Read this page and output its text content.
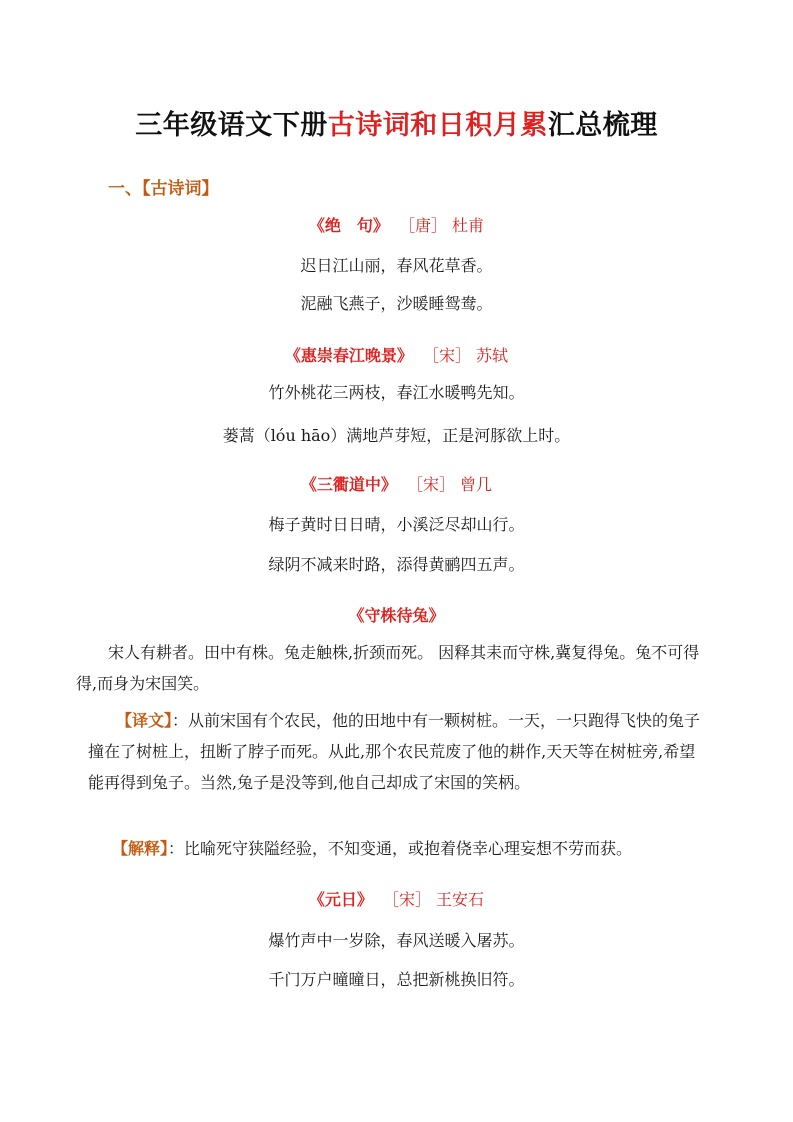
三年级语文下册古诗词和日积月累汇总梳理
一、【古诗词】
《绝　句》 ［唐］ 杜甫
迟日江山丽，春风花草香。
泥融飞燕子，沙暖睡鸳鸯。
《惠崇春江晚景》 ［宋］ 苏轼
竹外桃花三两枝，春江水暖鸭先知。
蒌蒿（lóu hāo）满地芦芽短，正是河豚欲上时。
《三衢道中》 ［宋］ 曾几
梅子黄时日日晴，小溪泛尽却山行。
绿阴不减来时路，添得黄鹂四五声。
《守株待兔》
宋人有耕者。田中有株。兔走触株,折颈而死。 因释其耒而守株,冀复得兔。兔不可得得,而身为宋国笑。
【译文】：从前宋国有个农民，他的田地中有一颗树桩。一天，一只跑得飞快的兔子撞在了树桩上，扭断了脖子而死。从此,那个农民荒废了他的耕作,天天等在树桩旁,希望能再得到兔子。当然,兔子是没等到,他自己却成了宋国的笑柄。
【解释】：比喻死守狭隘经验，不知变通，或抱着侥幸心理妄想不劳而获。
《元日》 ［宋］ 王安石
爆竹声中一岁除，春风送暖入屠苏。
千门万户曈曈日，总把新桃换旧符。
